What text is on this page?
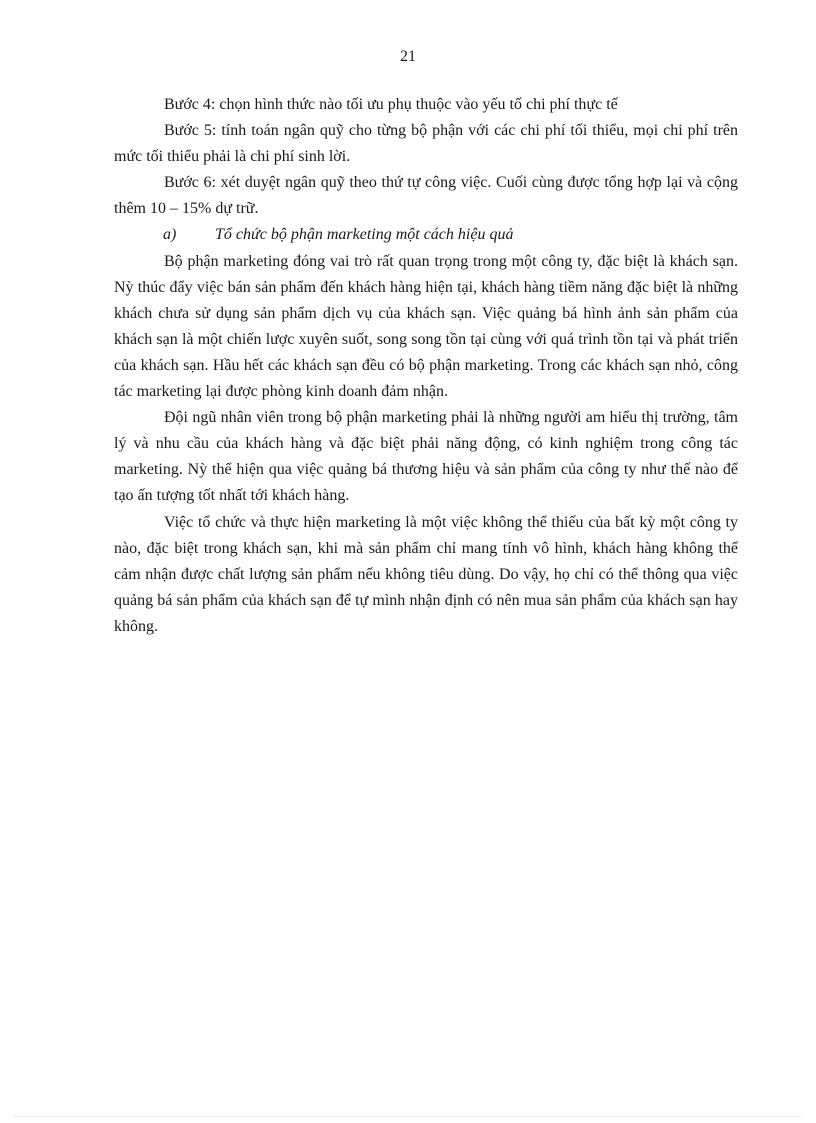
21

Bước 4: chọn hình thức nào tối ưu phụ thuộc vào yếu tố chi phí thực tế

Bước 5: tính toán ngân quỹ cho từng bộ phận với các chi phí tối thiểu, mọi chi phí trên mức tối thiểu phải là chi phí sinh lời.

Bước 6: xét duyệt ngân quỹ theo thứ tự công việc. Cuối cùng được tổng hợp lại và cộng thêm 10 – 15% dự trữ.

a) Tổ chức bộ phận marketing một cách hiệu quả

Bộ phận marketing đóng vai trò rất quan trọng trong một công ty, đặc biệt là khách sạn. Nỳ thúc đẩy việc bán sản phẩm đến khách hàng hiện tại, khách hàng tiềm năng đặc biệt là những khách chưa sử dụng sản phẩm dịch vụ của khách sạn. Việc quảng bá hình ảnh sản phẩm của khách sạn là một chiến lược xuyên suốt, song song tồn tại cùng với quá trình tồn tại và phát triển của khách sạn. Hầu hết các khách sạn đều có bộ phận marketing. Trong các khách sạn nhỏ, công tác marketing lại được phòng kinh doanh đảm nhận.

Đội ngũ nhân viên trong bộ phận marketing phải là những người am hiểu thị trường, tâm lý và nhu cầu của khách hàng và đặc biệt phải năng động, có kinh nghiệm trong công tác marketing. Nỳ thể hiện qua việc quảng bá thương hiệu và sản phẩm của công ty như thế nào để tạo ấn tượng tốt nhất tới khách hàng.

Việc tổ chức và thực hiện marketing là một việc không thể thiếu của bất kỳ một công ty nào, đặc biệt trong khách sạn, khi mà sản phẩm chỉ mang tính vô hình, khách hàng không thể cảm nhận được chất lượng sản phẩm nếu không tiêu dùng. Do vậy, họ chỉ có thể thông qua việc quảng bá sản phẩm của khách sạn để tự mình nhận định có nên mua sản phẩm của khách sạn hay không.
